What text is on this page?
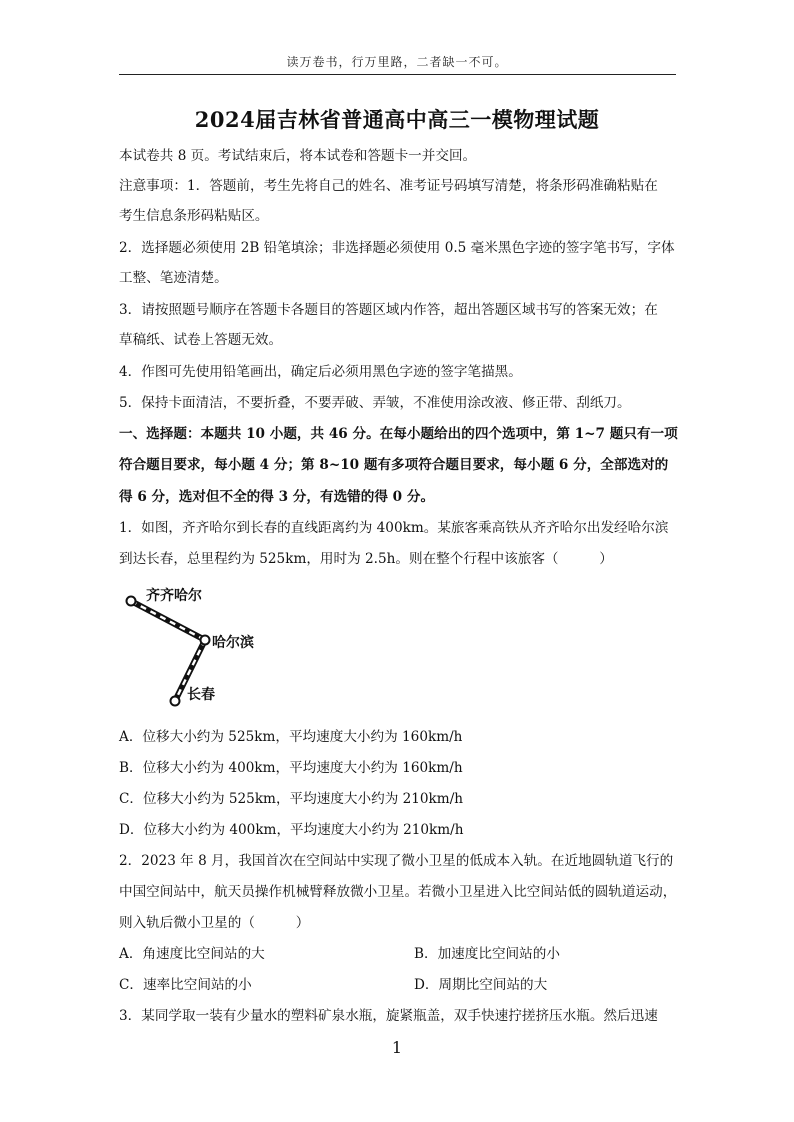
读万卷书，行万里路，二者缺一不可。
2024届吉林省普通高中高三一模物理试题
本试卷共 8 页。考试结束后，将本试卷和答题卡一并交回。
注意事项：1．答题前，考生先将自己的姓名、准考证号码填写清楚，将条形码准确粘贴在
考生信息条形码粘贴区。
2．选择题必须使用 2B 铅笔填涂；非选择题必须使用 0.5 毫米黑色字迹的签字笔书写，字体
工整、笔迹清楚。
3．请按照题号顺序在答题卡各题目的答题区域内作答，超出答题区域书写的答案无效；在
草稿纸、试卷上答题无效。
4．作图可先使用铅笔画出，确定后必须用黑色字迹的签字笔描黑。
5．保持卡面清洁，不要折叠，不要弄破、弄皱，不准使用涂改液、修正带、刮纸刀。
一、选择题：本题共 10 小题，共 46 分。在每小题给出的四个选项中，第 1~7 题只有一项
符合题目要求，每小题 4 分；第 8~10 题有多项符合题目要求，每小题 6 分，全部选对的
得 6 分，选对但不全的得 3 分，有选错的得 0 分。
1．如图，齐齐哈尔到长春的直线距离约为 400km。某旅客乘高铁从齐齐哈尔出发经哈尔滨
到达长春，总里程约为 525km，用时为 2.5h。则在整个行程中该旅客（　　　）
齐齐哈尔
哈尔滨
长春
A．位移大小约为 525km，平均速度大小约为 160km/h
B．位移大小约为 400km，平均速度大小约为 160km/h
C．位移大小约为 525km，平均速度大小约为 210km/h
D．位移大小约为 400km，平均速度大小约为 210km/h
2．2023 年 8 月，我国首次在空间站中实现了微小卫星的低成本入轨。在近地圆轨道飞行的
中国空间站中，航天员操作机械臂释放微小卫星。若微小卫星进入比空间站低的圆轨道运动，
则入轨后微小卫星的（　　　）
A．角速度比空间站的大	B．加速度比空间站的小
C．速率比空间站的小	D．周期比空间站的大
3．某同学取一装有少量水的塑料矿泉水瓶，旋紧瓶盖，双手快速拧搓挤压水瓶。然后迅速
1
